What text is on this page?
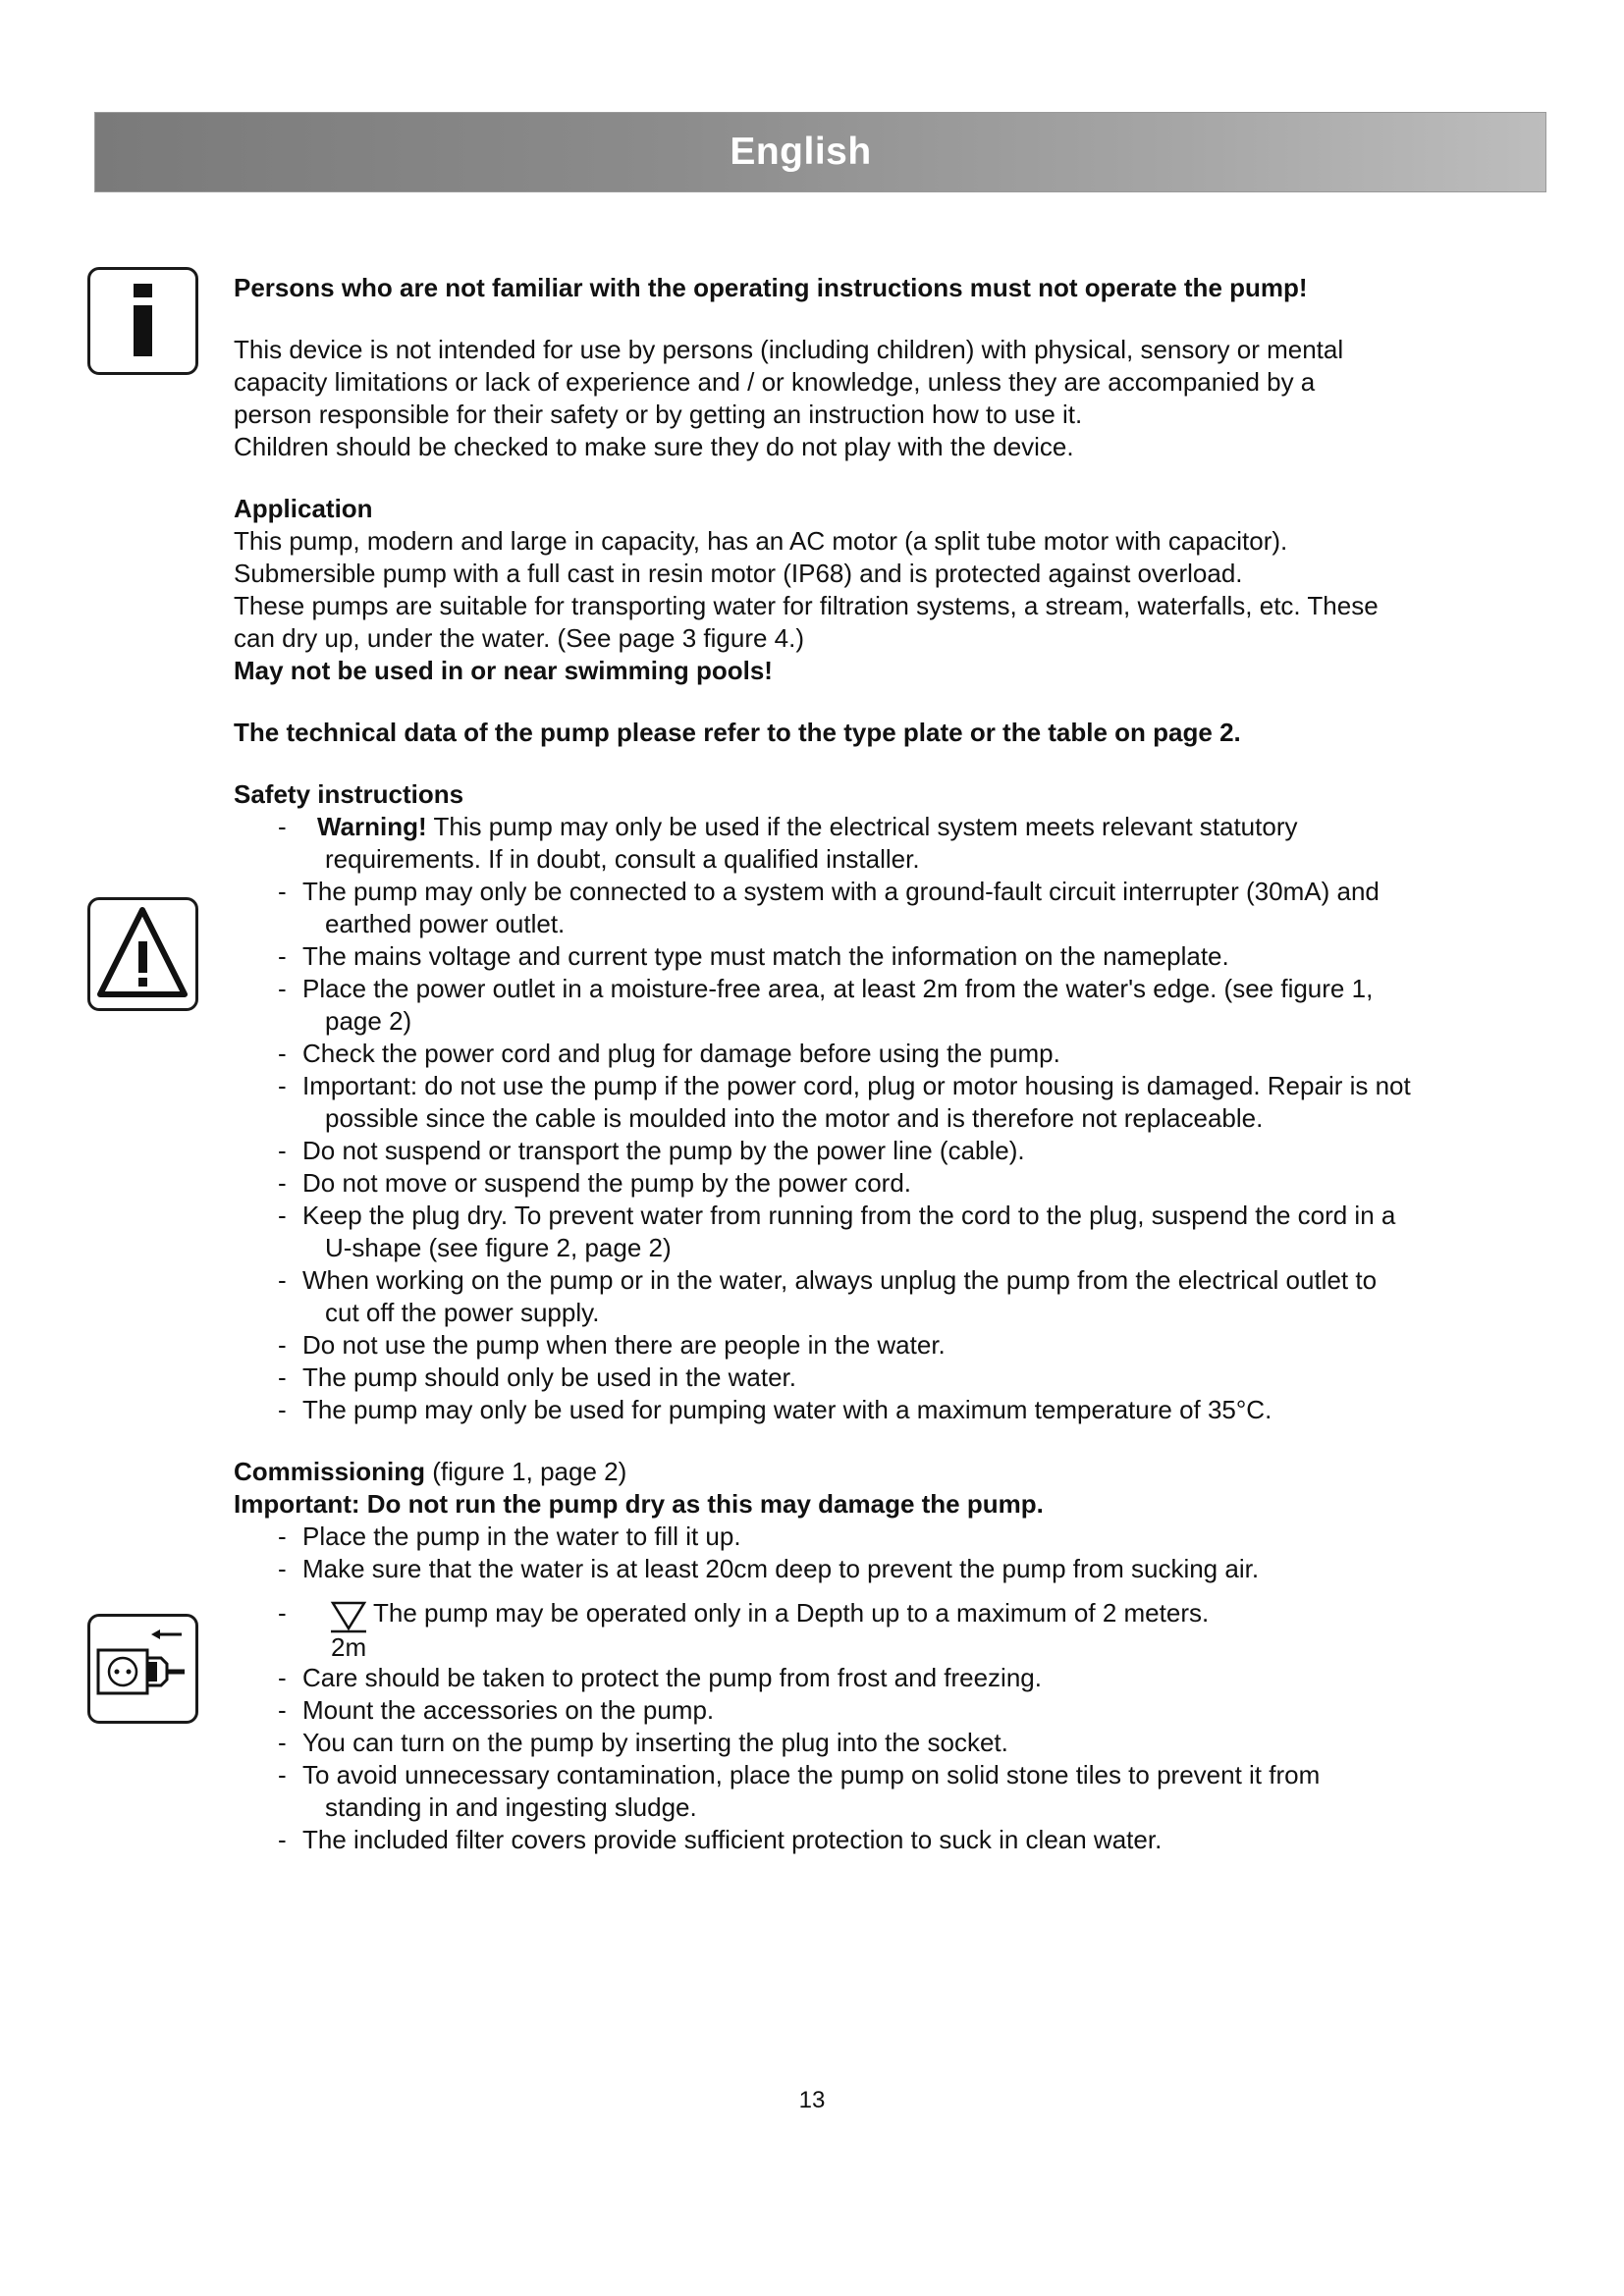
English

Persons who are not familiar with the operating instructions must not operate the pump!

This device is not intended for use by persons (including children) with physical, sensory or mental capacity limitations or lack of experience and / or knowledge, unless they are accompanied by a person responsible for their safety or by getting an instruction how to use it.

Children should be checked to make sure they do not play with the device.

Application

This pump, modern and large in capacity, has an AC motor (a split tube motor with capacitor). Submersible pump with a full cast in resin motor (IP68) and is protected against overload.

These pumps are suitable for transporting water for filtration systems, a stream, waterfalls, etc. These can dry up, under the water. (See page 3 figure 4.)

May not be used in or near swimming pools!

The technical data of the pump please refer to the type plate or the table on page 2.

Safety instructions

- Warning! This pump may only be used if the electrical system meets relevant statutory requirements. If in doubt, consult a qualified installer.
- The pump may only be connected to a system with a ground-fault circuit interrupter (30mA) and earthed power outlet.
- The mains voltage and current type must match the information on the nameplate.
- Place the power outlet in a moisture-free area, at least 2m from the water's edge. (see figure 1, page 2)
- Check the power cord and plug for damage before using the pump.
- Important: do not use the pump if the power cord, plug or motor housing is damaged. Repair is not possible since the cable is moulded into the motor and is therefore not replaceable.
- Do not suspend or transport the pump by the power line (cable).
- Do not move or suspend the pump by the power cord.
- Keep the plug dry. To prevent water from running from the cord to the plug, suspend the cord in a U-shape (see figure 2, page 2)
- When working on the pump or in the water, always unplug the pump from the electrical outlet to cut off the power supply.
- Do not use the pump when there are people in the water.
- The pump should only be used in the water.
- The pump may only be used for pumping water with a maximum temperature of 35°C.

Commissioning (figure 1, page 2)

Important: Do not run the pump dry as this may damage the pump.

- Place the pump in the water to fill it up.
- Make sure that the water is at least 20cm deep to prevent the pump from sucking air.
-
2m
The pump may be operated only in a Depth up to a maximum of 2 meters.
- Care should be taken to protect the pump from frost and freezing.
- Mount the accessories on the pump.
- You can turn on the pump by inserting the plug into the socket.
- To avoid unnecessary contamination, place the pump on solid stone tiles to prevent it from standing in and ingesting sludge.
- The included filter covers provide sufficient protection to suck in clean water.
13
